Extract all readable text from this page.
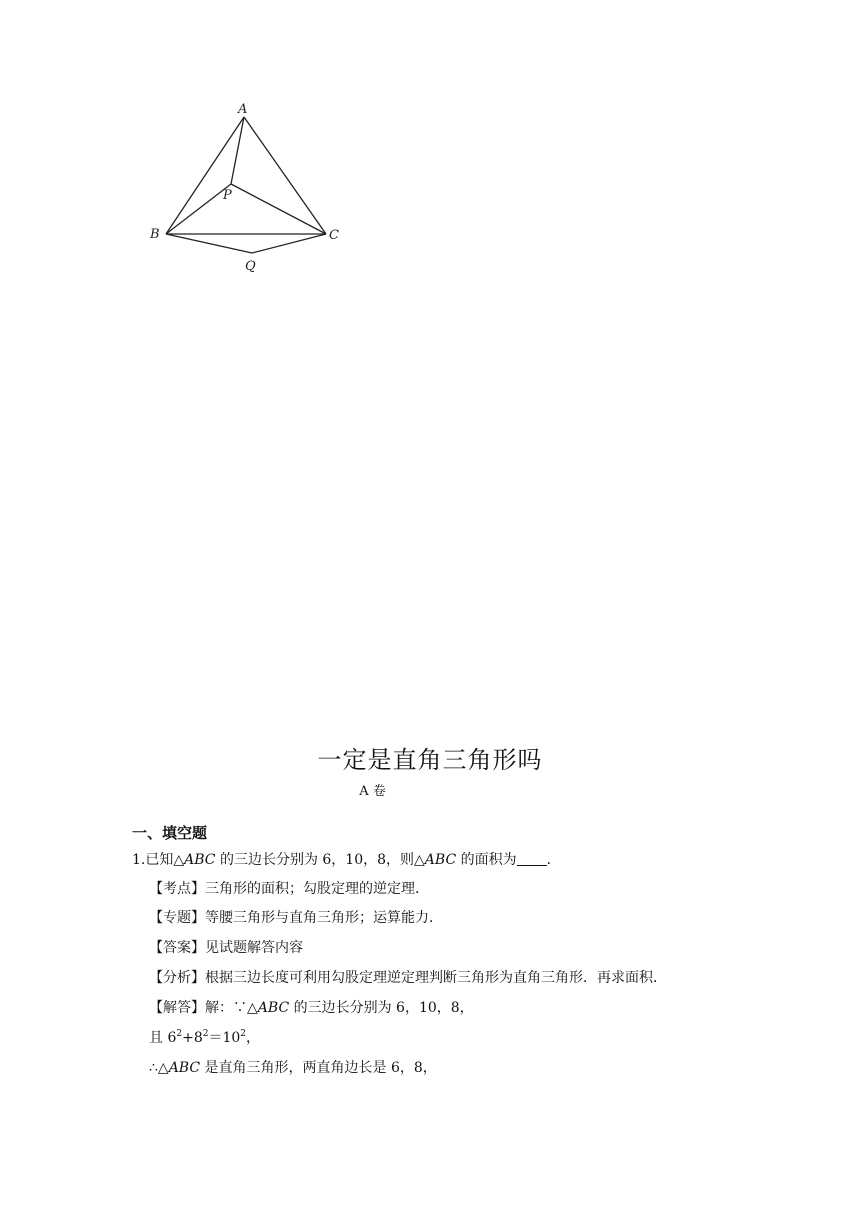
A
B	C
P
Q
一定是直角三角形吗
A 卷
一、填空题
1.已知△ABC 的三边长分别为 6，10，8，则△ABC 的面积为 ．
【考点】三角形的面积；勾股定理的逆定理．
【专题】等腰三角形与直角三角形；运算能力．
【答案】见试题解答内容
【分析】根据三边长度可利用勾股定理逆定理判断三角形为直角三角形．再求面积．
【解答】解：∵△ABC 的三边长分别为 6，10，8，
且 $6^2+8^2=10^2$，
∴△ABC 是直角三角形，两直角边长是 6，8，
